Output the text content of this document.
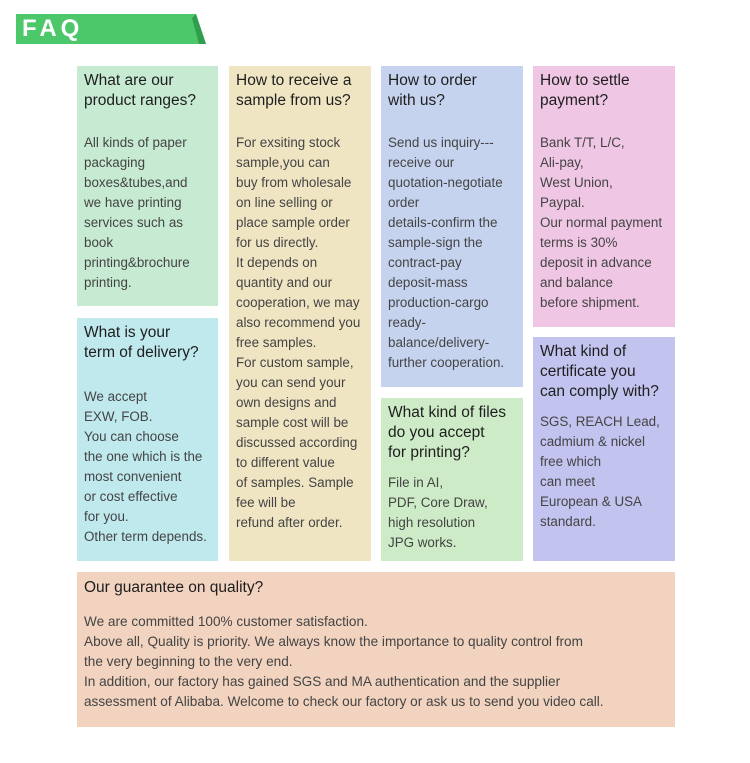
FAQ
What are our
product ranges?

All kinds of paper
packaging
boxes&tubes,and
we have printing
services such as
book
printing&brochure
printing.

What is your
term of delivery?

We accept
EXW, FOB.
You can choose
the one which is the
most convenient
or cost effective
for you.
Other term depends.

How to receive a
sample from us?

For exsiting stock
sample,you can
buy from wholesale
on line selling or
place sample order
for us directly.
It depends on
quantity and our
cooperation, we may
also recommend you
free samples.
For custom sample,
you can send your
own designs and
sample cost will be
discussed according
to different value
of samples. Sample
fee will be
refund after order.

How to order
with us?

Send us inquiry---
receive our
quotation-negotiate
order
details-confirm the
sample-sign the
contract-pay
deposit-mass
production-cargo
ready-
balance/delivery-
further cooperation.

What kind of files
do you accept
for printing?

File in AI,
PDF, Core Draw,
high resolution
JPG works.

How to settle
payment?

Bank T/T, L/C,
Ali-pay,
West Union,
Paypal.
Our normal payment
terms is 30%
deposit in advance
and balance
before shipment.

What kind of
certificate you
can comply with?

SGS, REACH Lead,
cadmium & nickel
free which
can meet
European & USA
standard.

Our guarantee on quality?

We are committed 100% customer satisfaction.
Above all, Quality is priority. We always know the importance to quality control from
the very beginning to the very end.
In addition, our factory has gained SGS and MA authentication and the supplier
assessment of Alibaba. Welcome to check our factory or ask us to send you video call.
